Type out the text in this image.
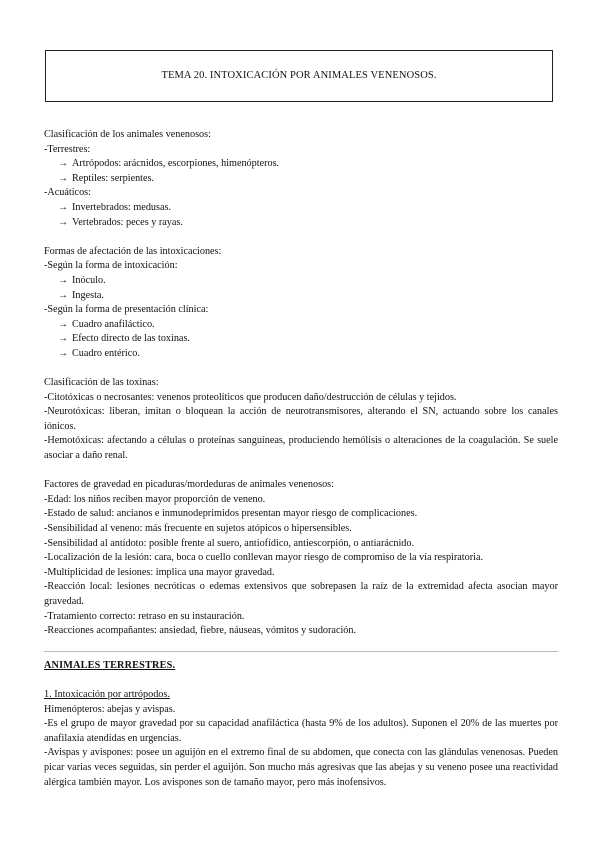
TEMA 20. INTOXICACIÓN POR ANIMALES VENENOSOS.

Clasificación de los animales venenosos:

-Terrestres:

→ Artrópodos: arácnidos, escorpiones, himenópteros.

→ Reptiles: serpientes.

-Acuáticos:

→ Invertebrados: medusas.

→ Vertebrados: peces y rayas.

Formas de afectación de las intoxicaciones:

-Según la forma de intoxicación:

→ Inóculo.

→ Ingesta.

-Según la forma de presentación clínica:

→ Cuadro anafiláctico.

→ Efecto directo de las toxinas.

→ Cuadro entérico.

Clasificación de las toxinas:

-Citotóxicas o necrosantes: venenos proteolíticos que producen daño/destrucción de células y tejidos.

-Neurotóxicas: liberan, imitan o bloquean la acción de neurotransmisores, alterando el SN, actuando sobre los canales iónicos.

-Hemotóxicas: afectando a células o proteínas sanguíneas, produciendo hemólisis o alteraciones de la coagulación. Se suele asociar a daño renal.

Factores de gravedad en picaduras/mordeduras de animales venenosos:

-Edad: los niños reciben mayor proporción de veneno.

-Estado de salud: ancianos e inmunodeprimidos presentan mayor riesgo de complicaciones.

-Sensibilidad al veneno: más frecuente en sujetos atópicos o hipersensibles.

-Sensibilidad al antídoto: posible frente al suero, antiofídico, antiescorpión, o antiarácnido.

-Localización de la lesión: cara, boca o cuello conllevan mayor riesgo de compromiso de la vía respiratoria.

-Multiplicidad de lesiones: implica una mayor gravedad.

-Reacción local: lesiones necróticas o edemas extensivos que sobrepasen la raíz de la extremidad afecta asocian mayor gravedad.

-Tratamiento correcto: retraso en su instauración.

-Reacciones acompañantes: ansiedad, fiebre, náuseas, vómitos y sudoración.

ANIMALES TERRESTRES.

1. Intoxicación por artrópodos.

Himenópteros: abejas y avispas.

-Es el grupo de mayor gravedad por su capacidad anafiláctica (hasta 9% de los adultos). Suponen el 20% de las muertes por anafilaxia atendidas en urgencias.

-Avispas y avispones: posee un aguijón en el extremo final de su abdomen, que conecta con las glándulas venenosas. Pueden picar varias veces seguidas, sin perder el aguijón. Son mucho más agresivas que las abejas y su veneno posee una reactividad alérgica también mayor. Los avispones son de tamaño mayor, pero más inofensivos.
